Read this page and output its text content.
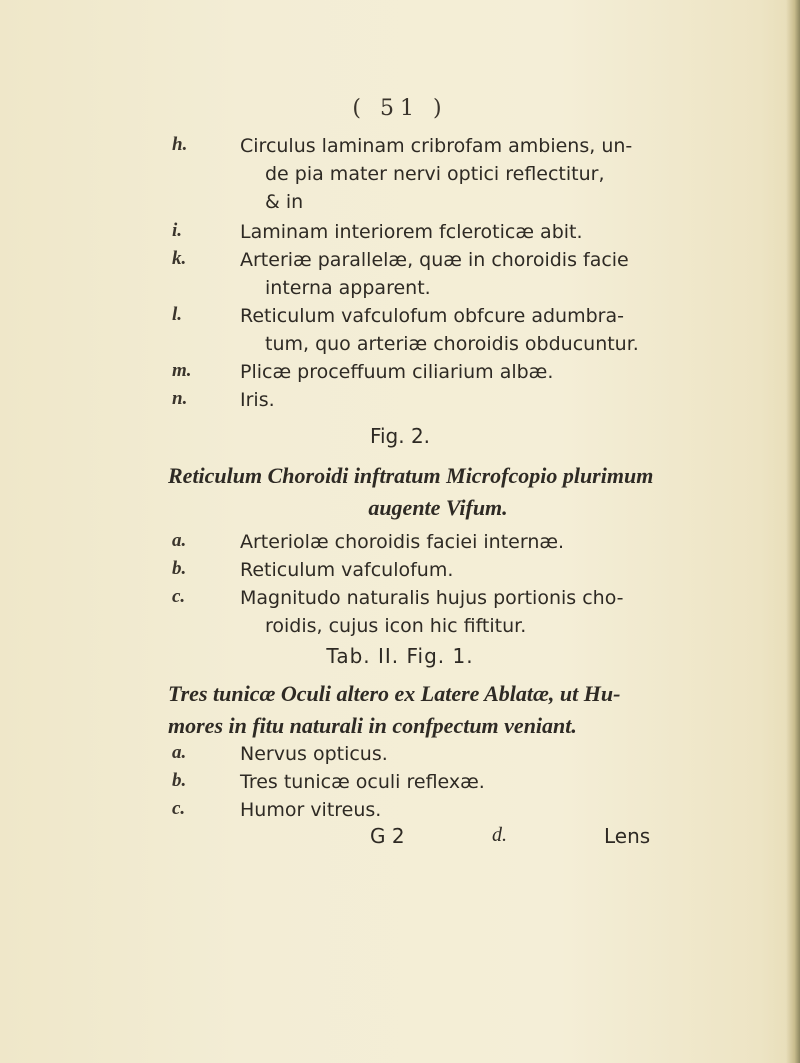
( 51 )
h.	Circulus laminam cribrofam ambiens, un-
de pia mater nervi optici reflectitur,
& in
i.	Laminam interiorem fcleroticæ abit.
k.	Arteriæ parallelæ, quæ in choroidis facie
interna apparent.
l.	Reticulum vafculofum obfcure adumbra-
tum, quo arteriæ choroidis obducuntur.
m.	Plicæ proceffuum ciliarium albæ.
n.	Iris.
Fig. 2.
Reticulum Choroidi inftratum Microfcopio plurimum
augente Vifum.
a.	Arteriolæ choroidis faciei internæ.
b.	Reticulum vafculofum.
c.	Magnitudo naturalis hujus portionis cho-
roidis, cujus icon hic fiftitur.
Tab. II. Fig. 1.
Tres tunicæ Oculi altero ex Latere Ablatæ, ut Hu-
mores in fitu naturali in confpectum veniant.
a.	Nervus opticus.
b.	Tres tunicæ oculi reflexæ.
c.	Humor vitreus.
G 2	d.	Lens
